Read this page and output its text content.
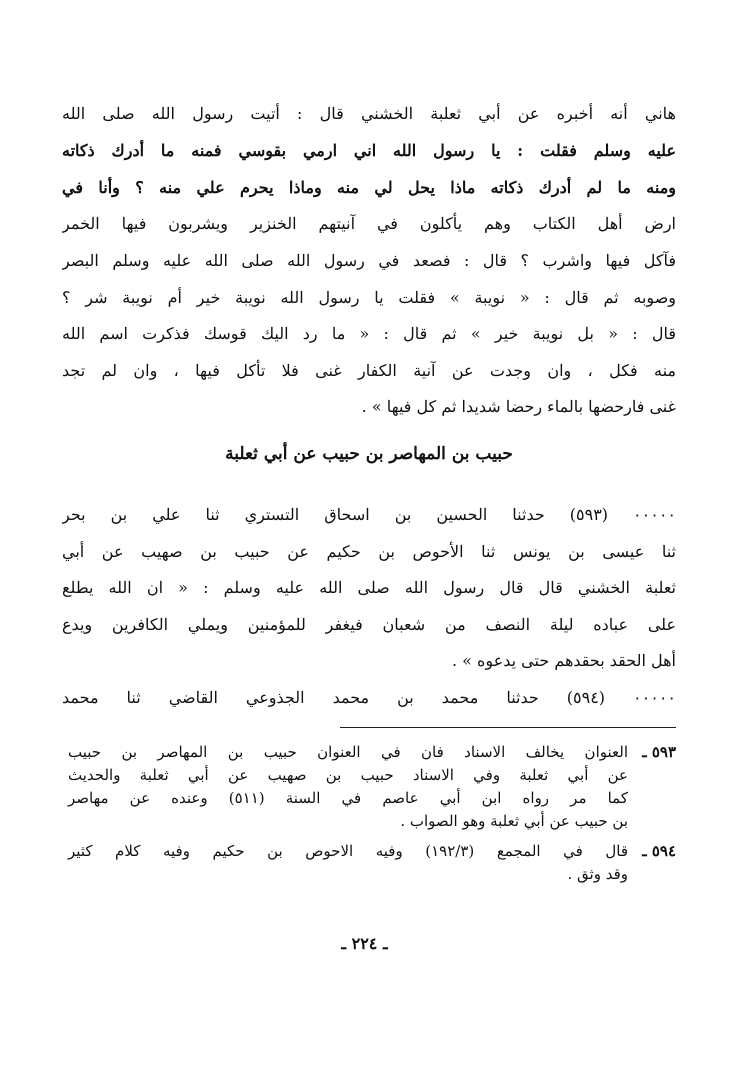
هاني أنه أخبره عن أبي ثعلبة الخشني قال : أتيت رسول الله صلى الله
عليه وسلم فقلت : يا رسول الله اني ارمي بقوسي فمنه ما أدرك ذكاته
ومنه ما لم أدرك ذكاته ماذا يحل لي منه وماذا يحرم علي منه ؟ وأنا في
ارض أهل الكتاب وهم يأكلون في آنيتهم الخنزير ويشربون فيها الخمر
فآكل فيها واشرب ؟ قال : فصعد في رسول الله صلى الله عليه وسلم البصر
وصوبه ثم قال : « نويبة » فقلت يا رسول الله نويبة خير أم نويبة شر ؟
قال : « بل نويبة خير » ثم قال : « ما رد اليك قوسك فذكرت اسم الله
منه فكل ، وان وجدت عن آنية الكفار غنى فلا تأكل فيها ، وان لم تجد
غنى فارحضها بالماء رحضا شديدا ثم كل فيها » .
حبيب بن المهاصر بن حبيب عن أبي ثعلبة
٠٠٠٠٠ (٥٩٣) حدثنا الحسين بن اسحاق التستري ثنا علي بن بحر
ثنا عيسى بن يونس ثنا الأحوص بن حكيم عن حبيب بن صهيب عن أبي
ثعلبة الخشني قال قال رسول الله صلى الله عليه وسلم : « ان الله يطلع
على عباده ليلة النصف من شعبان فيغفر للمؤمنين ويملي الكافرين ويدع
أهل الحقد بحقدهم حتى يدعوه » .
٠٠٠٠٠ (٥٩٤) حدثنا محمد بن محمد الجذوعي القاضي ثنا محمد
٥٩٣ ـ
العنوان يخالف الاسناد فان في العنوان حبيب بن المهاصر بن حبيب
عن أبي ثعلبة وفي الاسناد حبيب بن صهيب عن أبي ثعلبة والحديث
كما مر رواه ابن أبي عاصم في السنة (٥١١) وعنده عن مهاصر
بن حبيب عن أبي ثعلبة وهو الصواب .
٥٩٤ ـ
قال في المجمع (١٩٢/٣) وفيه الاحوص بن حكيم وفيه كلام كثير
وقد وثق .
ـ ٢٢٤ ـ
